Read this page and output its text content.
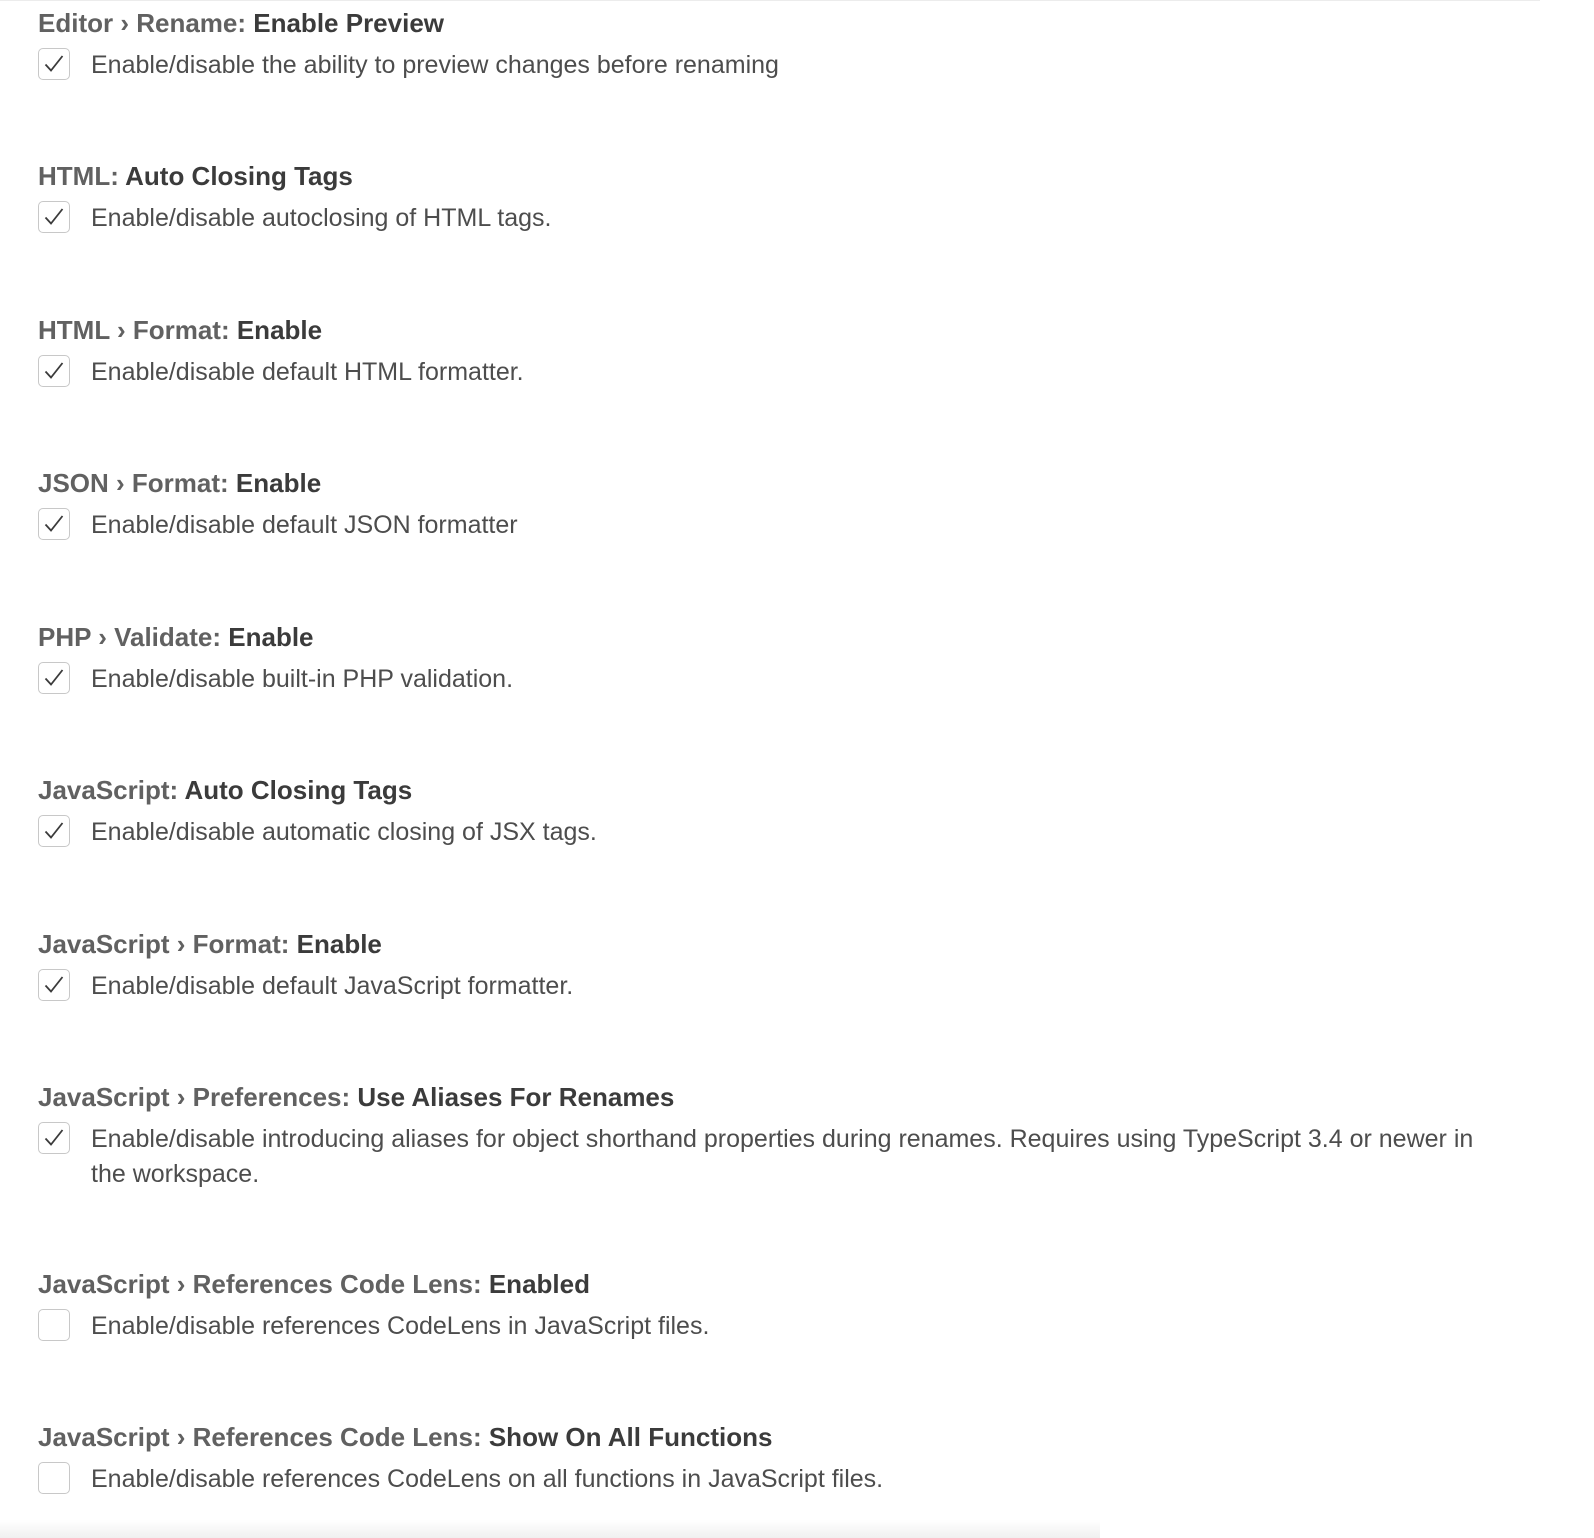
Editor › Rename: Enable Preview
Enable/disable the ability to preview changes before renaming
HTML: Auto Closing Tags
Enable/disable autoclosing of HTML tags.
HTML › Format: Enable
Enable/disable default HTML formatter.
JSON › Format: Enable
Enable/disable default JSON formatter
PHP › Validate: Enable
Enable/disable built-in PHP validation.
JavaScript: Auto Closing Tags
Enable/disable automatic closing of JSX tags.
JavaScript › Format: Enable
Enable/disable default JavaScript formatter.
JavaScript › Preferences: Use Aliases For Renames
Enable/disable introducing aliases for object shorthand properties during renames. Requires using TypeScript 3.4 or newer in the workspace.
JavaScript › References Code Lens: Enabled
Enable/disable references CodeLens in JavaScript files.
JavaScript › References Code Lens: Show On All Functions
Enable/disable references CodeLens on all functions in JavaScript files.
